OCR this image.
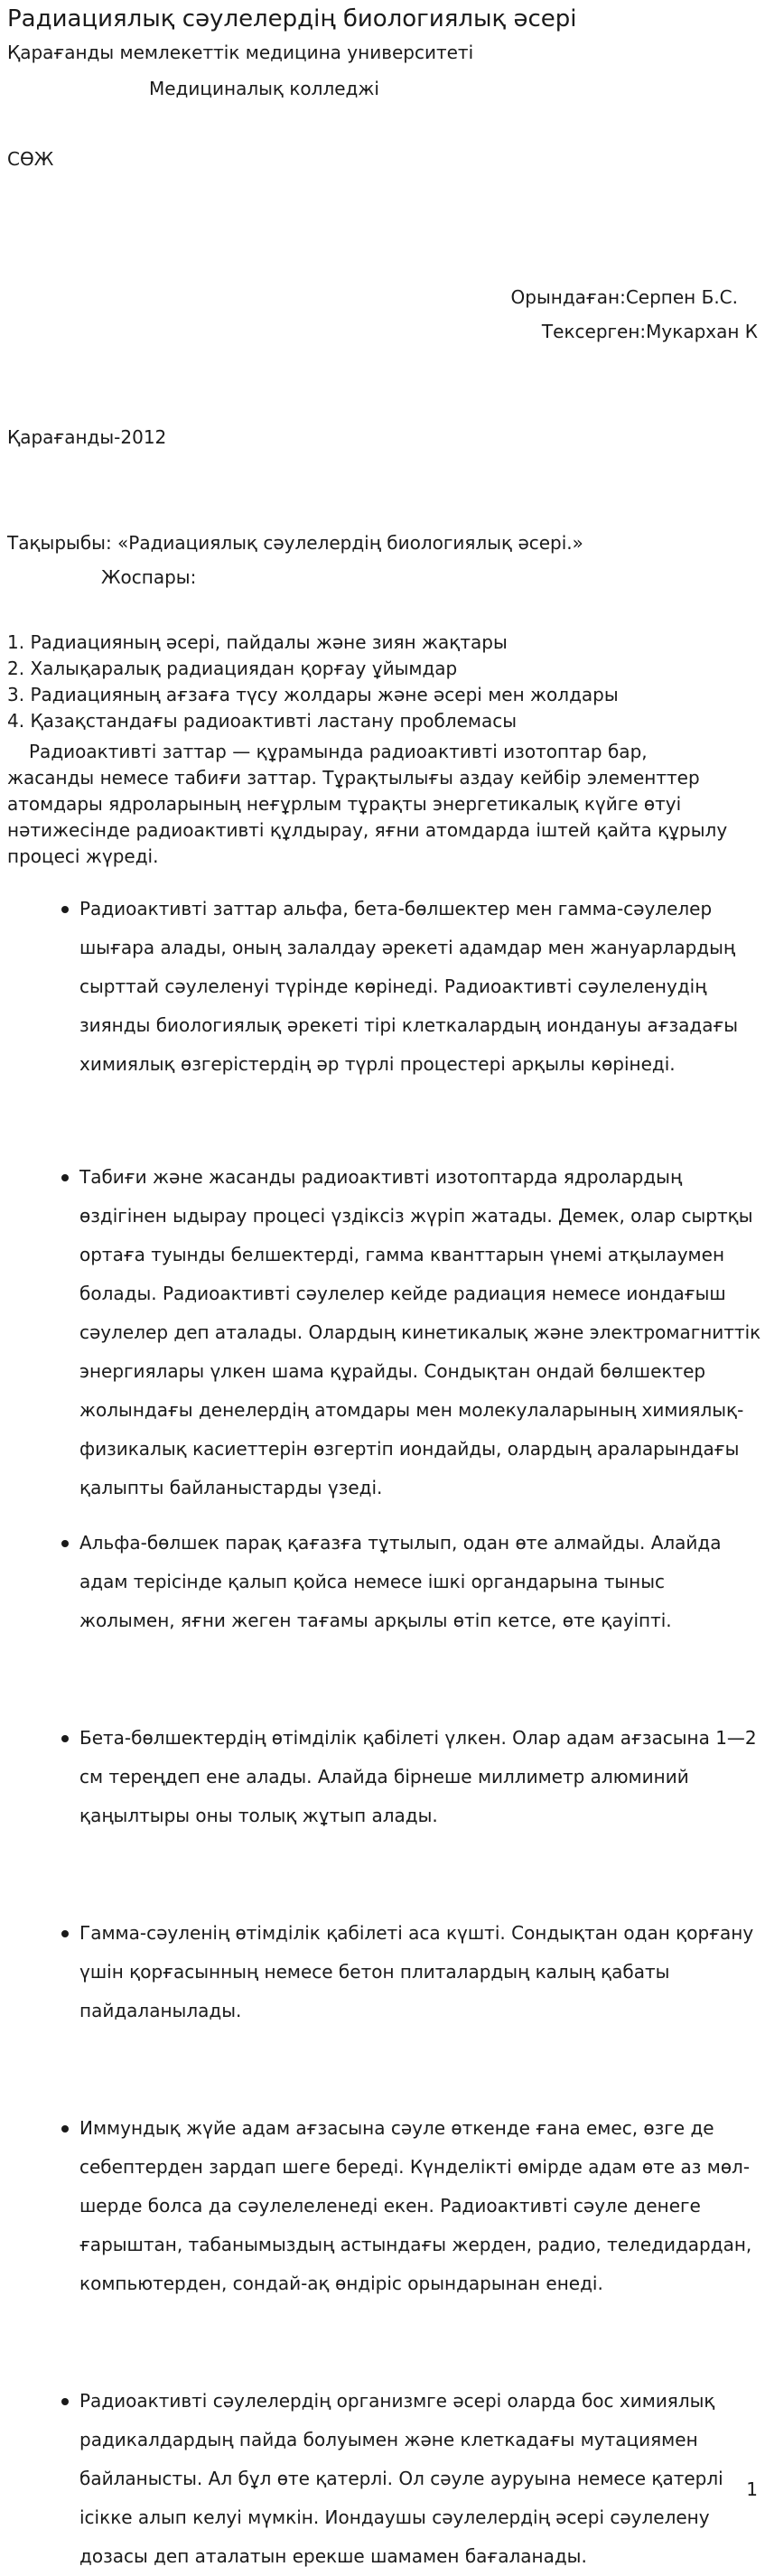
Радиациялық сәулелердің биологиялық әсері
Қарағанды мемлекеттік медицина университеті
Медициналық колледжі
СӨЖ
Орындаған:Серпен Б.С.
Тексерген:Мукархан К
Қарағанды-2012
Тақырыбы: «Радиациялық сәулелердің биологиялық әсері.»
Жоспары:
1. Радиацияның әсері, пайдалы және зиян жақтары
2. Халықаралық радиациядан қорғау ұйымдар
3. Радиацияның ағзаға түсу жолдары және әсері мен жолдары
4. Қазақстандағы радиоактивті ластану проблемасы

Радиоактивті заттар — құрамында радиоактивті изотоптар бар, жасанды немесе табиғи заттар. Тұрақтылығы аздау кейбір элементтер атомдары ядроларының неғұрлым тұрақты энергетикалық күйге өтуі нәтижесінде радиоактивті құлдырау, яғни атомдарда іштей қайта құрылу процесі жүреді.

Радиоактивті заттар альфа, бета-бөлшектер мен гамма-сәулелер шығара алады, оның залалдау әрекеті адамдар мен жануарлардың сырттай сәулеленуі түрінде көрінеді. Радиоактивті сәулеленудің зиянды биологиялық әрекеті тірі клеткалардың иондануы ағзадағы химиялық өзгерістердің әр түрлі процестері арқылы көрінеді.
Табиғи және жасанды радиоактивті изотоптарда ядролардың өздігінен ыдырау процесі үздіксіз жүріп жатады. Демек, олар сыртқы ортаға туынды белшектерді, гамма кванттарын үнемі атқылаумен болады. Радиоактивті сәулелер кейде радиация немесе иондағыш сәулелер деп аталады. Олардың кинетикалық және электромагниттік энергиялары үлкен шама құрайды. Сондықтан ондай бөлшектер жолындағы денелердің атомдары мен молекулаларының химиялық-физикалық касиеттерін өзгертіп иондайды, олардың араларындағы қалыпты байланыстарды үзеді.
Альфа-бөлшек парақ қағазға тұтылып, одан өте алмайды. Алайда адам терісінде қалып қойса немесе ішкі органдарына тыныс жолымен, яғни жеген тағамы арқылы өтіп кетсе, өте қауіпті.
Бета-бөлшектердің өтімділік қабілеті үлкен. Олар адам ағзасына 1—2 см тереңдеп ене алады. Алайда бірнеше миллиметр алюминий қаңылтыры оны толық жұтып алады.
Гамма-сәуленің өтімділік қабілеті аса күшті. Сондықтан одан қорғану үшін қорғасынның немесе бетон плиталардың калың қабаты пайдаланылады.
Иммундық жүйе адам ағзасына сәуле өткенде ғана емес, өзге де себептерден зардап шеге береді. Күнделікті өмірде адам өте аз мөл-шерде болса да сәулелеленеді екен. Радиоактивті сәуле денеге ғарыштан, табанымыздың астындағы жерден, радио, теледидардан, компьютерден, сондай-ақ өндіріс орындарынан енеді.
Радиоактивті сәулелердің организмге әсері оларда бос химиялық радикалдардың пайда болуымен және клеткадағы мутациямен байланысты. Ал бұл өте қатерлі. Ол сәуле ауруына немесе қатерлі ісікке алып келуі мүмкін. Иондаушы сәулелердің әсері сәулелену дозасы деп аталатын ерекше шамамен бағаланады.
1
